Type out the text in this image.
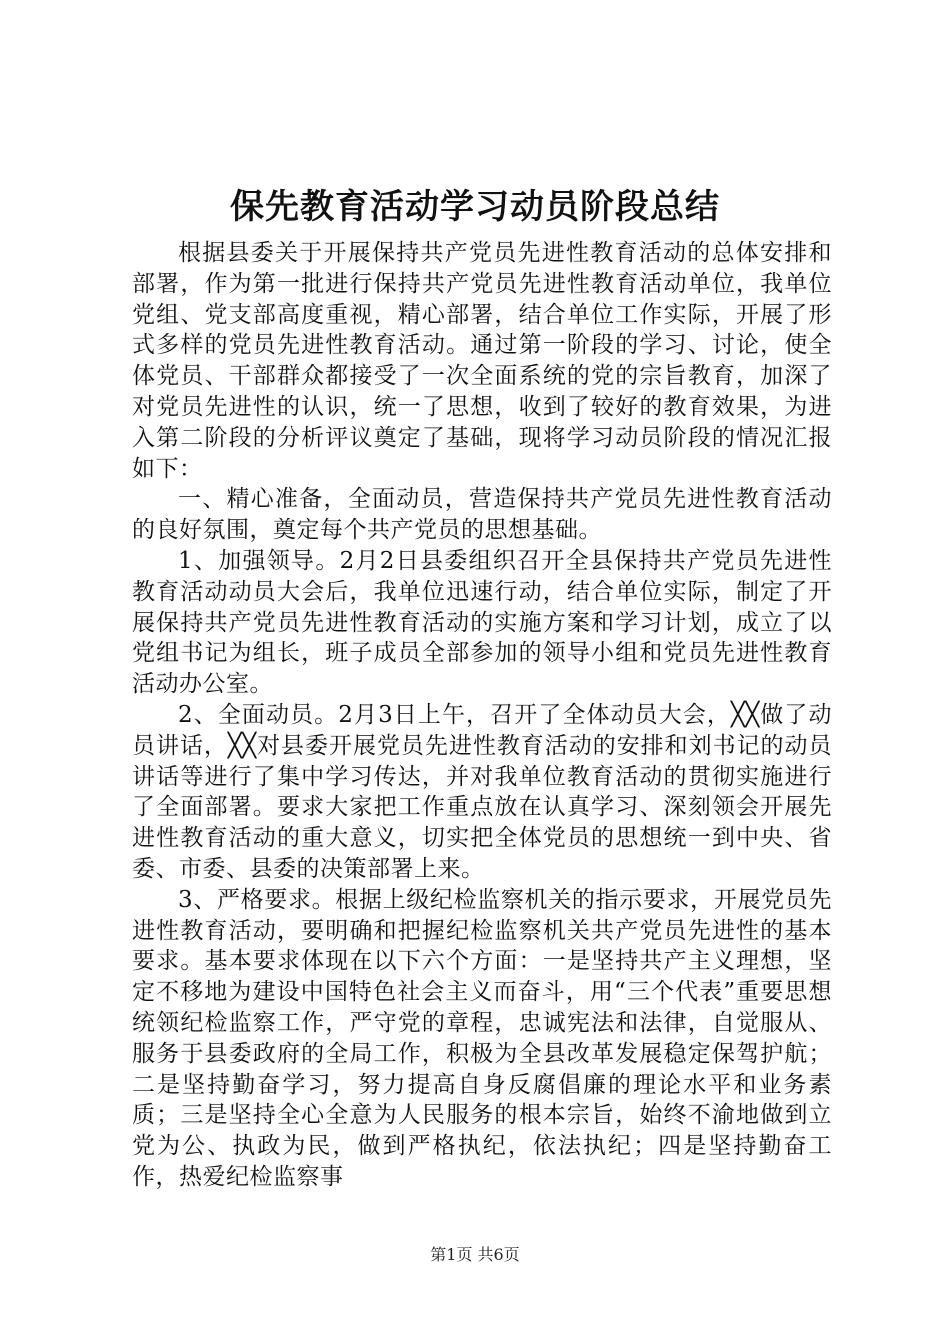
保先教育活动学习动员阶段总结

根据县委关于开展保持共产党员先进性教育活动的总体安排和部署，作为第一批进行保持共产党员先进性教育活动单位，我单位党组、党支部高度重视，精心部署，结合单位工作实际，开展了形式多样的党员先进性教育活动。通过第一阶段的学习、讨论，使全体党员、干部群众都接受了一次全面系统的党的宗旨教育，加深了对党员先进性的认识，统一了思想，收到了较好的教育效果，为进入第二阶段的分析评议奠定了基础，现将学习动员阶段的情况汇报如下：

一、精心准备，全面动员，营造保持共产党员先进性教育活动的良好氛围，奠定每个共产党员的思想基础。

1、加强领导。2月2日县委组织召开全县保持共产党员先进性教育活动动员大会后，我单位迅速行动，结合单位实际，制定了开展保持共产党员先进性教育活动的实施方案和学习计划，成立了以党组书记为组长，班子成员全部参加的领导小组和党员先进性教育活动办公室。

2、全面动员。2月3日上午，召开了全体动员大会，╳╳做了动员讲话，╳╳对县委开展党员先进性教育活动的安排和刘书记的动员讲话等进行了集中学习传达，并对我单位教育活动的贯彻实施进行了全面部署。要求大家把工作重点放在认真学习、深刻领会开展先进性教育活动的重大意义，切实把全体党员的思想统一到中央、省委、市委、县委的决策部署上来。

3、严格要求。根据上级纪检监察机关的指示要求，开展党员先进性教育活动，要明确和把握纪检监察机关共产党员先进性的基本要求。基本要求体现在以下六个方面：一是坚持共产主义理想，坚定不移地为建设中国特色社会主义而奋斗，用“三个代表”重要思想统领纪检监察工作，严守党的章程，忠诚宪法和法律，自觉服从、服务于县委政府的全局工作，积极为全县改革发展稳定保驾护航；二是坚持勤奋学习，努力提高自身反腐倡廉的理论水平和业务素质；三是坚持全心全意为人民服务的根本宗旨，始终不渝地做到立党为公、执政为民，做到严格执纪，依法执纪；四是坚持勤奋工作，热爱纪检监察事

第1页 共6页
